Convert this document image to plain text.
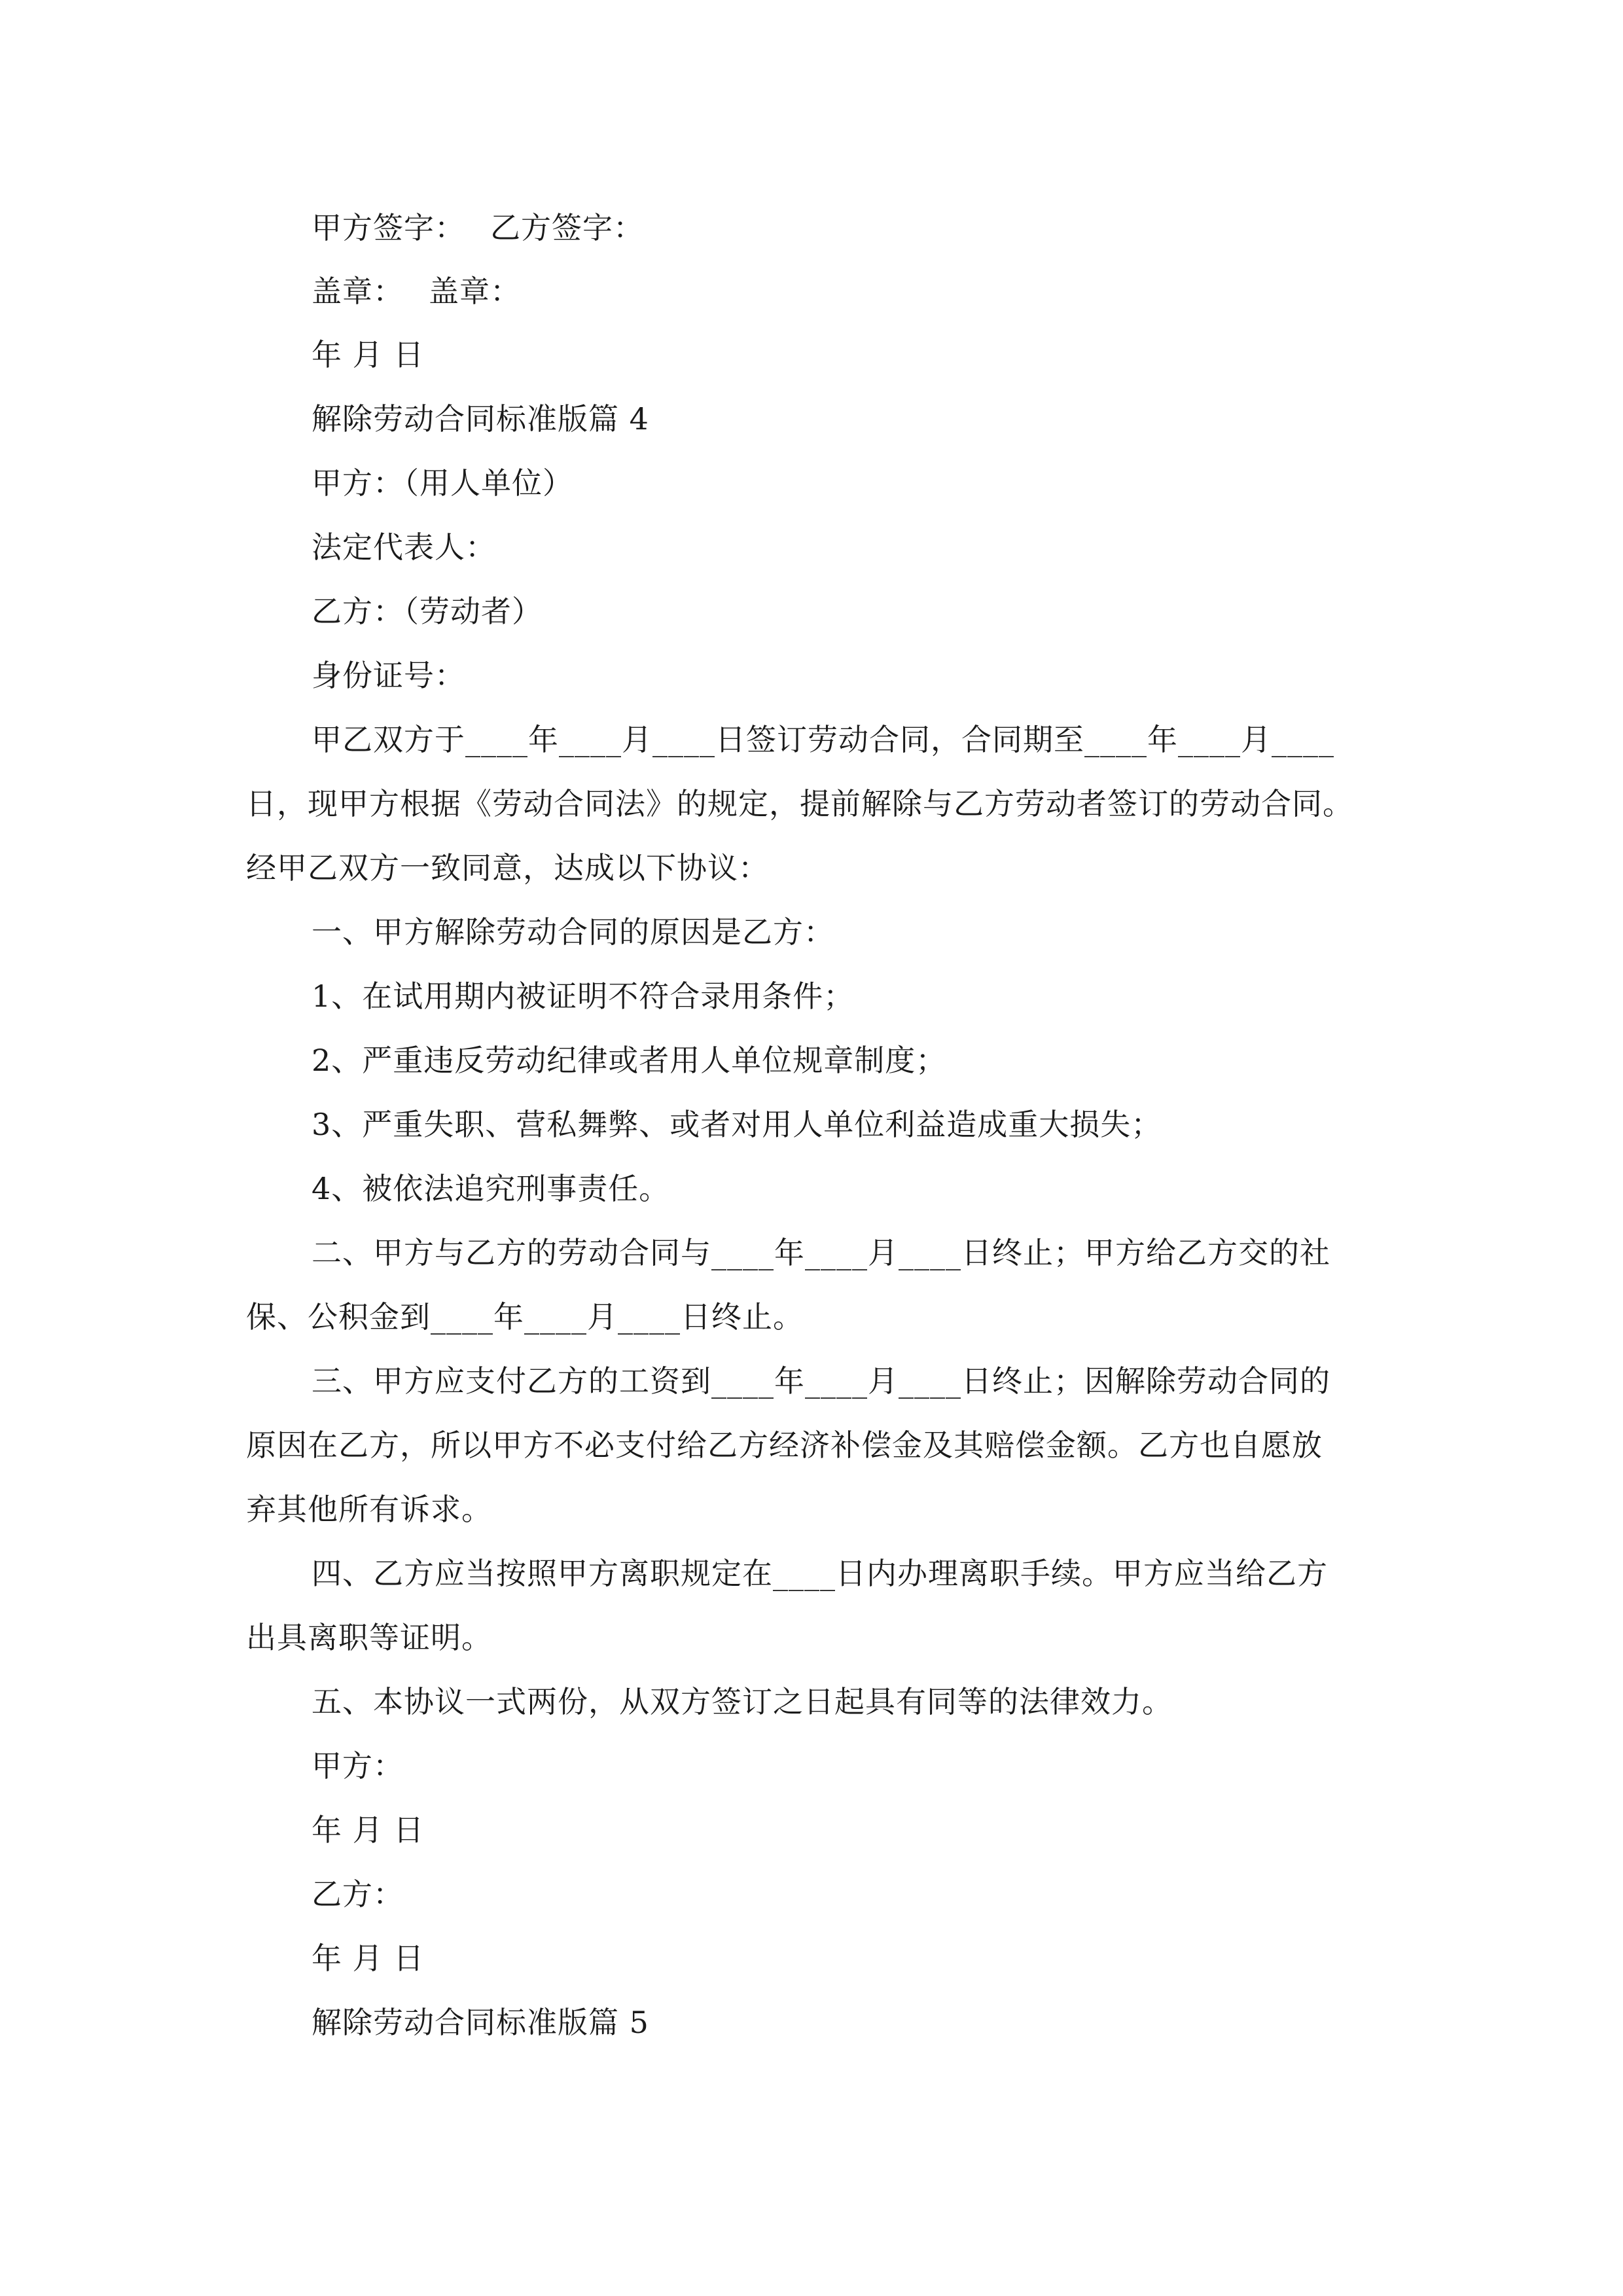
甲方签字： 乙方签字：
盖章： 盖章：
年 月 日
解除劳动合同标准版篇 4
甲方：（用人单位）
法定代表人：
乙方：（劳动者）
身份证号：
甲乙双方于____年____月____日签订劳动合同，合同期至____年____月____
日，现甲方根据《劳动合同法》的规定，提前解除与乙方劳动者签订的劳动合同。
经甲乙双方一致同意，达成以下协议：
一、甲方解除劳动合同的原因是乙方：
1、在试用期内被证明不符合录用条件；
2、严重违反劳动纪律或者用人单位规章制度；
3、严重失职、营私舞弊、或者对用人单位利益造成重大损失；
4、被依法追究刑事责任。
二、甲方与乙方的劳动合同与____年____月____日终止；甲方给乙方交的社
保、公积金到____年____月____日终止。
三、甲方应支付乙方的工资到____年____月____日终止；因解除劳动合同的
原因在乙方，所以甲方不必支付给乙方经济补偿金及其赔偿金额。乙方也自愿放
弃其他所有诉求。
四、乙方应当按照甲方离职规定在____日内办理离职手续。甲方应当给乙方
出具离职等证明。
五、本协议一式两份，从双方签订之日起具有同等的法律效力。
甲方：
年 月 日
乙方：
年 月 日
解除劳动合同标准版篇 5
